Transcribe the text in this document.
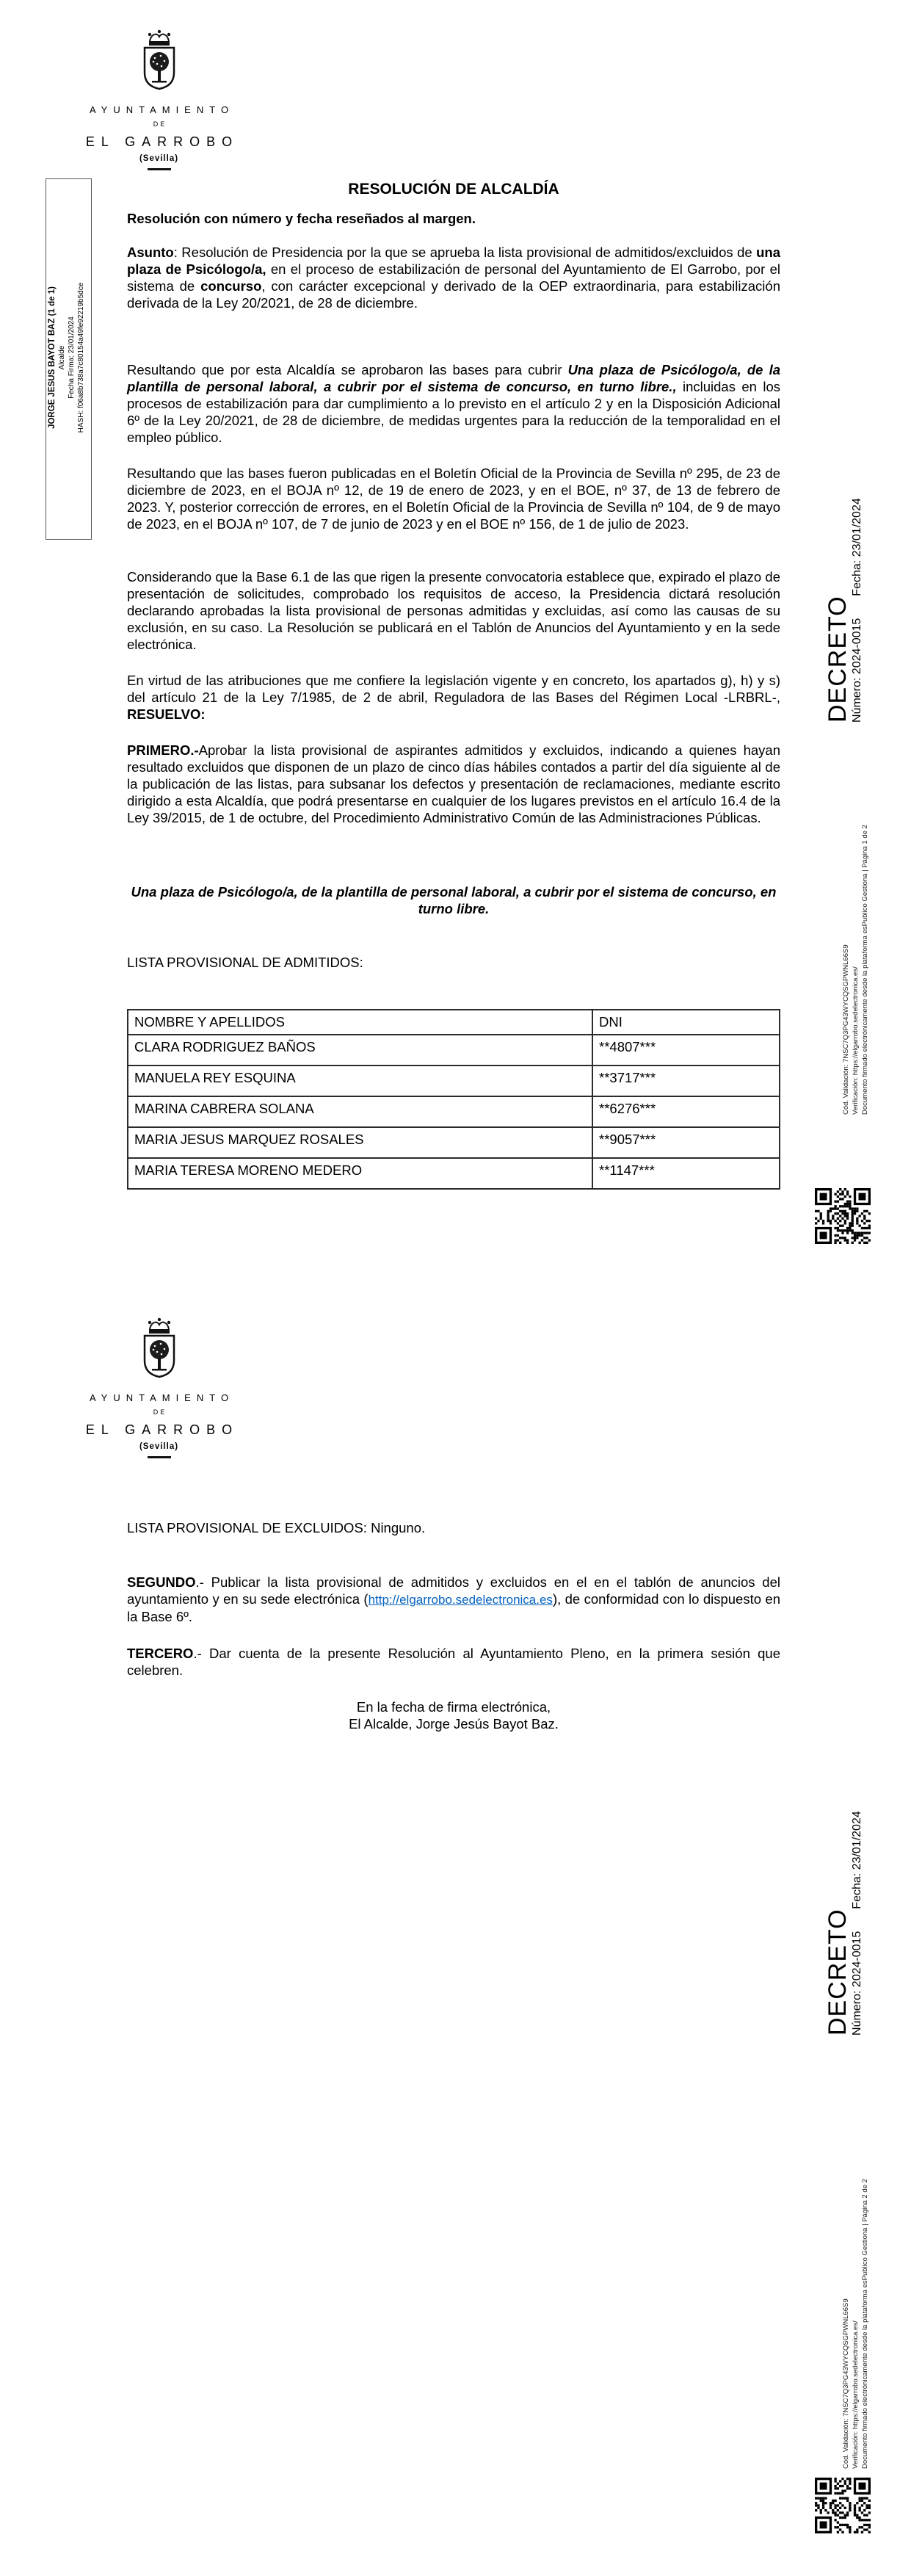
AYUNTAMIENTO
DE
EL GARROBO
(Sevilla)
JORGE JESUS BAYOT BAZ (1 de 1) Alcalde Fecha Firma: 23/01/2024 HASH: f06a8b738a7c80154a49fe92219b5dce
RESOLUCIÓN DE ALCALDÍA
Resolución con número y fecha reseñados al margen.
Asunto: Resolución de Presidencia por la que se aprueba la lista provisional de admitidos/excluidos de una plaza de Psicólogo/a, en el proceso de estabilización de personal del Ayuntamiento de El Garrobo, por el sistema de concurso, con carácter excepcional y derivado de la OEP extraordinaria, para estabilización derivada de la Ley 20/2021, de 28 de diciembre.
Resultando que por esta Alcaldía se aprobaron las bases para cubrir Una plaza de Psicólogo/a, de la plantilla de personal laboral, a cubrir por el sistema de concurso, en turno libre., incluidas en los procesos de estabilización para dar cumplimiento a lo previsto en el artículo 2 y en la Disposición Adicional 6º de la Ley 20/2021, de 28 de diciembre, de medidas urgentes para la reducción de la temporalidad en el empleo público.
Resultando que las bases fueron publicadas en el Boletín Oficial de la Provincia de Sevilla nº 295, de 23 de diciembre de 2023, en el BOJA nº 12, de 19 de enero de 2023, y en el BOE, nº 37, de 13 de febrero de 2023. Y, posterior corrección de errores, en el Boletín Oficial de la Provincia de Sevilla nº 104, de 9 de mayo de 2023, en el BOJA nº 107, de 7 de junio de 2023 y en el BOE nº 156, de 1 de julio de 2023.
Considerando que la Base 6.1 de las que rigen la presente convocatoria establece que, expirado el plazo de presentación de solicitudes, comprobado los requisitos de acceso, la Presidencia dictará resolución declarando aprobadas la lista provisional de personas admitidas y excluidas, así como las causas de su exclusión, en su caso. La Resolución se publicará en el Tablón de Anuncios del Ayuntamiento y en la sede electrónica.
En virtud de las atribuciones que me confiere la legislación vigente y en concreto, los apartados g), h) y s) del artículo 21 de la Ley 7/1985, de 2 de abril, Reguladora de las Bases del Régimen Local -LRBRL-, RESUELVO:
PRIMERO.-Aprobar la lista provisional de aspirantes admitidos y excluidos, indicando a quienes hayan resultado excluidos que disponen de un plazo de cinco días hábiles contados a partir del día siguiente al de la publicación de las listas, para subsanar los defectos y presentación de reclamaciones, mediante escrito dirigido a esta Alcaldía, que podrá presentarse en cualquier de los lugares previstos en el artículo 16.4 de la Ley 39/2015, de 1 de octubre, del Procedimiento Administrativo Común de las Administraciones Públicas.
Una plaza de Psicólogo/a, de la plantilla de personal laboral, a cubrir por el sistema de concurso, en turno libre.
LISTA PROVISIONAL DE ADMITIDOS:
NOMBRE Y APELLIDOS	DNI
CLARA RODRIGUEZ BAÑOS	**4807***
MANUELA REY ESQUINA	**3717***
MARINA CABRERA SOLANA	**6276***
MARIA JESUS MARQUEZ ROSALES	**9057***
MARIA TERESA MORENO MEDERO	**1147***
DECRETO Número: 2024-0015Fecha: 23/01/2024
Cód. Validación: 7NSC7Q3PG43WYCQSGPWNL66S9 Verificación: https://elgarrobo.sedelectronica.es/ Documento firmado electrónicamente desde la plataforma esPublico Gestiona | Página 1 de 2
AYUNTAMIENTO
DE
EL GARROBO
(Sevilla)
LISTA PROVISIONAL DE EXCLUIDOS: Ninguno.
SEGUNDO.- Publicar la lista provisional de admitidos y excluidos en el en el tablón de anuncios del ayuntamiento y en su sede electrónica (http://elgarrobo.sedelectronica.es), de conformidad con lo dispuesto en la Base 6º.
TERCERO.- Dar cuenta de la presente Resolución al Ayuntamiento Pleno, en la primera sesión que celebren.
En la fecha de firma electrónica,
El Alcalde, Jorge Jesús Bayot Baz.
DECRETO Número: 2024-0015Fecha: 23/01/2024
Cód. Validación: 7NSC7Q3PG43WYCQSGPWNL66S9 Verificación: https://elgarrobo.sedelectronica.es/ Documento firmado electrónicamente desde la plataforma esPublico Gestiona | Página 2 de 2
